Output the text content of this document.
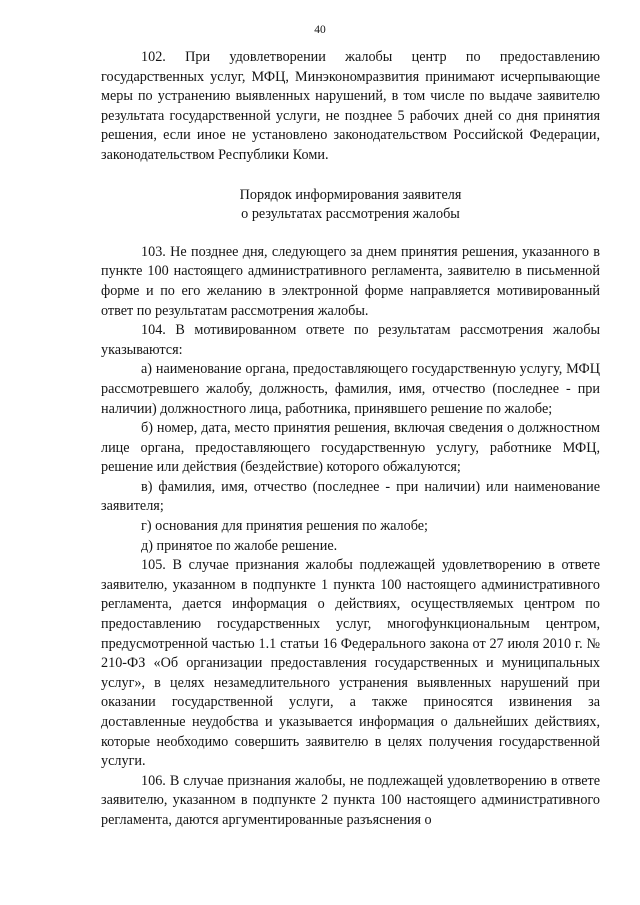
40

102. При удовлетворении жалобы центр по предоставлению государственных услуг, МФЦ, Минэкономразвития принимают исчерпывающие меры по устранению выявленных нарушений, в том числе по выдаче заявителю результата государственной услуги, не позднее 5 рабочих дней со дня принятия решения, если иное не установлено законодательством Российской Федерации, законодательством Республики Коми.

Порядок информирования заявителя
о результатах рассмотрения жалобы

103. Не позднее дня, следующего за днем принятия решения, указанного в пункте 100 настоящего административного регламента, заявителю в письменной форме и по его желанию в электронной форме направляется мотивированный ответ по результатам рассмотрения жалобы.

104. В мотивированном ответе по результатам рассмотрения жалобы указываются:

а) наименование органа, предоставляющего государственную услугу, МФЦ рассмотревшего жалобу, должность, фамилия, имя, отчество (последнее - при наличии) должностного лица, работника, принявшего решение по жалобе;

б) номер, дата, место принятия решения, включая сведения о должностном лице органа, предоставляющего государственную услугу, работнике МФЦ, решение или действия (бездействие) которого обжалуются;

в) фамилия, имя, отчество (последнее - при наличии) или наименование заявителя;

г) основания для принятия решения по жалобе;

д) принятое по жалобе решение.

105. В случае признания жалобы подлежащей удовлетворению в ответе заявителю, указанном в подпункте 1 пункта 100 настоящего административного регламента, дается информация о действиях, осуществляемых центром по предоставлению государственных услуг, многофункциональным центром, предусмотренной частью 1.1 статьи 16 Федерального закона от 27 июля 2010 г. № 210-ФЗ «Об организации предоставления государственных и муниципальных услуг», в целях незамедлительного устранения выявленных нарушений при оказании государственной услуги, а также приносятся извинения за доставленные неудобства и указывается информация о дальнейших действиях, которые необходимо совершить заявителю в целях получения государственной услуги.

106. В случае признания жалобы, не подлежащей удовлетворению в ответе заявителю, указанном в подпункте 2 пункта 100 настоящего административного регламента, даются аргументированные разъяснения о
